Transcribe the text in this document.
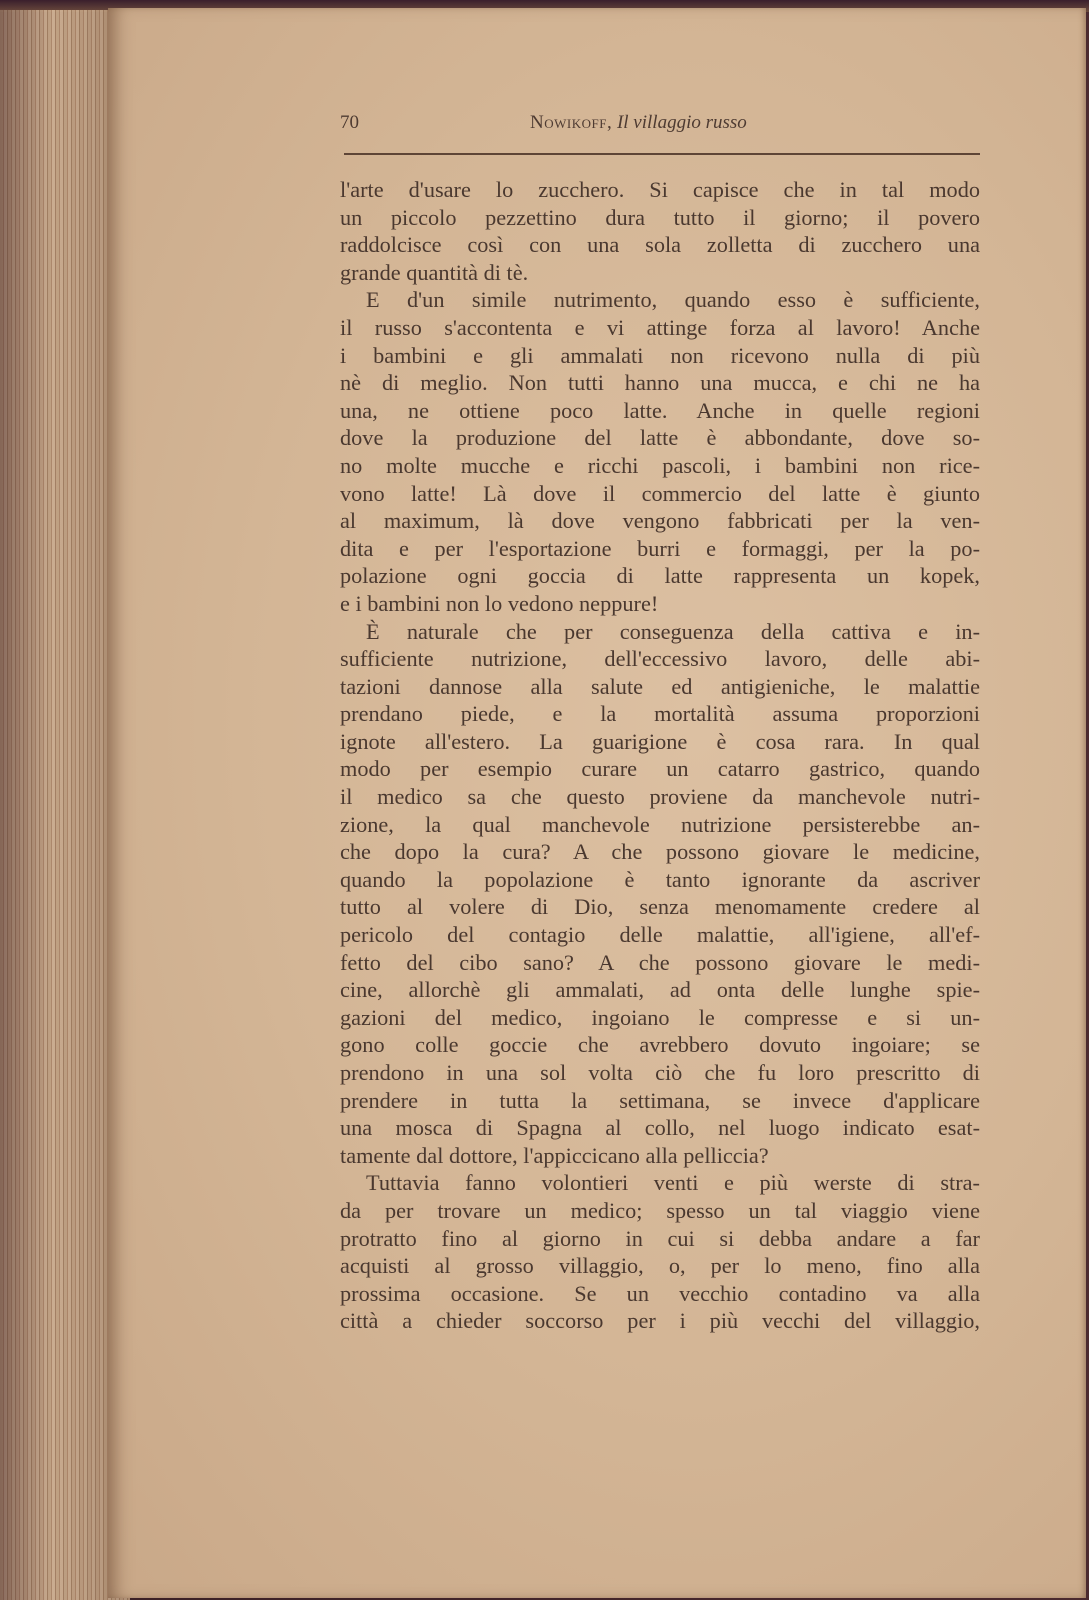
70	Nowikoff, Il villaggio russo
l'arte d'usare lo zucchero. Si capisce che in tal modo
un piccolo pezzettino dura tutto il giorno; il povero
raddolcisce così con una sola zolletta di zucchero una
grande quantità di tè.
E d'un simile nutrimento, quando esso è sufficiente,
il russo s'accontenta e vi attinge forza al lavoro! Anche
i bambini e gli ammalati non ricevono nulla di più
nè di meglio. Non tutti hanno una mucca, e chi ne ha
una, ne ottiene poco latte. Anche in quelle regioni
dove la produzione del latte è abbondante, dove so-
no molte mucche e ricchi pascoli, i bambini non rice-
vono latte! Là dove il commercio del latte è giunto
al maximum, là dove vengono fabbricati per la ven-
dita e per l'esportazione burri e formaggi, per la po-
polazione ogni goccia di latte rappresenta un kopek,
e i bambini non lo vedono neppure!
È naturale che per conseguenza della cattiva e in-
sufficiente nutrizione, dell'eccessivo lavoro, delle abi-
tazioni dannose alla salute ed antigieniche, le malattie
prendano piede, e la mortalità assuma proporzioni
ignote all'estero. La guarigione è cosa rara. In qual
modo per esempio curare un catarro gastrico, quando
il medico sa che questo proviene da manchevole nutri-
zione, la qual manchevole nutrizione persisterebbe an-
che dopo la cura? A che possono giovare le medicine,
quando la popolazione è tanto ignorante da ascriver
tutto al volere di Dio, senza menomamente credere al
pericolo del contagio delle malattie, all'igiene, all'ef-
fetto del cibo sano? A che possono giovare le medi-
cine, allorchè gli ammalati, ad onta delle lunghe spie-
gazioni del medico, ingoiano le compresse e si un-
gono colle goccie che avrebbero dovuto ingoiare; se
prendono in una sol volta ciò che fu loro prescritto di
prendere in tutta la settimana, se invece d'applicare
una mosca di Spagna al collo, nel luogo indicato esat-
tamente dal dottore, l'appiccicano alla pelliccia?
Tuttavia fanno volontieri venti e più werste di stra-
da per trovare un medico; spesso un tal viaggio viene
protratto fino al giorno in cui si debba andare a far
acquisti al grosso villaggio, o, per lo meno, fino alla
prossima occasione. Se un vecchio contadino va alla
città a chieder soccorso per i più vecchi del villaggio,
